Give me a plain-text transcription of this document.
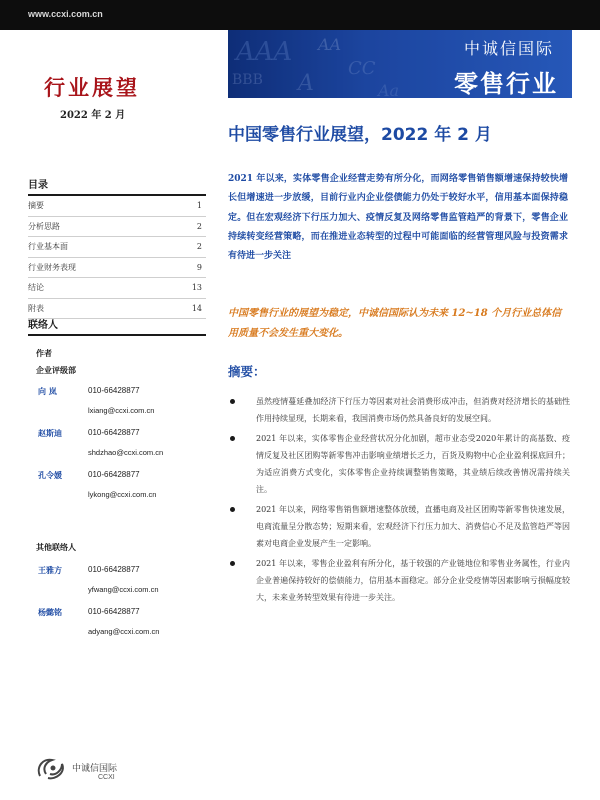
www.ccxi.com.cn
AAA AA
BBB A
CC
Aa
中诚信国际
零售行业
行业展望
2022 年 2 月
中国零售行业展望，2022 年 2 月
目录
摘要	1
分析思路	2
行业基本面	2
行业财务表现	9
结论	13
附表	14
联络人
作者
企业评级部
向 岚	010-66428877
lxiang@ccxi.com.cn
赵斯迪	010-66428877
shdzhao@ccxi.com.cn
孔令媛	010-66428877
lykong@ccxi.com.cn
其他联络人
王雅方	010-66428877
yfwang@ccxi.com.cn
杨懿铭	010-66428877
adyang@ccxi.com.cn
中诚信国际
CCXI
2021 年以来，实体零售企业经营走势有所分化，而网络零售销售额增速保持较快增长但增速进一步放缓，目前行业内企业偿债能力仍处于较好水平，信用基本面保持稳定。但在宏观经济下行压力加大、疫情反复及网络零售监管趋严的背景下，零售企业持续转变经营策略，而在推进业态转型的过程中可能面临的经营管理风险与投资需求有待进一步关注
中国零售行业的展望为稳定，中诚信国际认为未来 12~18 个月行业总体信用质量不会发生重大变化。
摘要：
虽然疫情蔓延叠加经济下行压力等因素对社会消费形成冲击，但消费对经济增长的基础性作用持续显现，长期来看，我国消费市场仍然具备良好的发展空间。
2021 年以来，实体零售企业经营状况分化加剧，超市业态受2020年累计的高基数、疫情反复及社区团购等新零售冲击影响业绩增长乏力，百货及购物中心企业盈利探底回升；为适应消费方式变化，实体零售企业持续调整销售策略，其业绩后续改善情况需持续关注。
2021 年以来，网络零售销售额增速整体放缓，直播电商及社区团购等新零售快速发展，电商流量呈分散态势；短期来看，宏观经济下行压力加大、消费信心不足及监管趋严等因素对电商企业发展产生一定影响。
2021 年以来，零售企业盈利有所分化，基于较强的产业链地位和零售业务属性，行业内企业普遍保持较好的偿债能力，信用基本面稳定。部分企业受疫情等因素影响亏损幅度较大，未来业务转型效果有待进一步关注。
